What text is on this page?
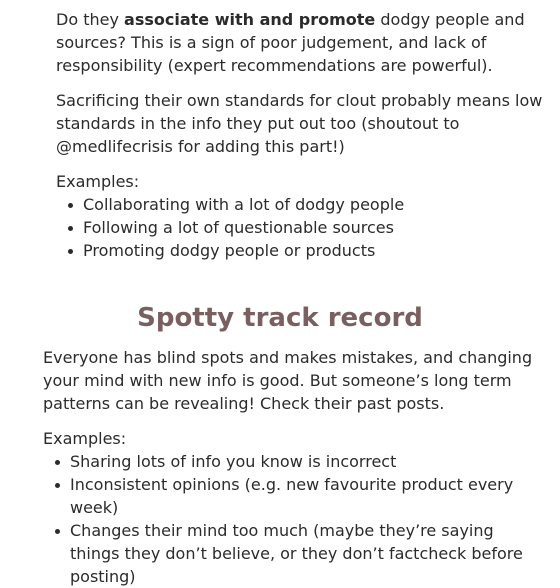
Do they associate with and promote dodgy people and sources? This is a sign of poor judgement, and lack of responsibility (expert recommendations are powerful).

Sacrificing their own standards for clout probably means low standards in the info they put out too (shoutout to @medlifecrisis for adding this part!)

Examples:

Collaborating with a lot of dodgy people
Following a lot of questionable sources
Promoting dodgy people or products
Spotty track record

Everyone has blind spots and makes mistakes, and changing your mind with new info is good. But someone’s long term patterns can be revealing! Check their past posts.

Examples:

Sharing lots of info you know is incorrect
Inconsistent opinions (e.g. new favourite product every week)
Changes their mind too much (maybe they’re saying things they don’t believe, or they don’t factcheck before posting)
